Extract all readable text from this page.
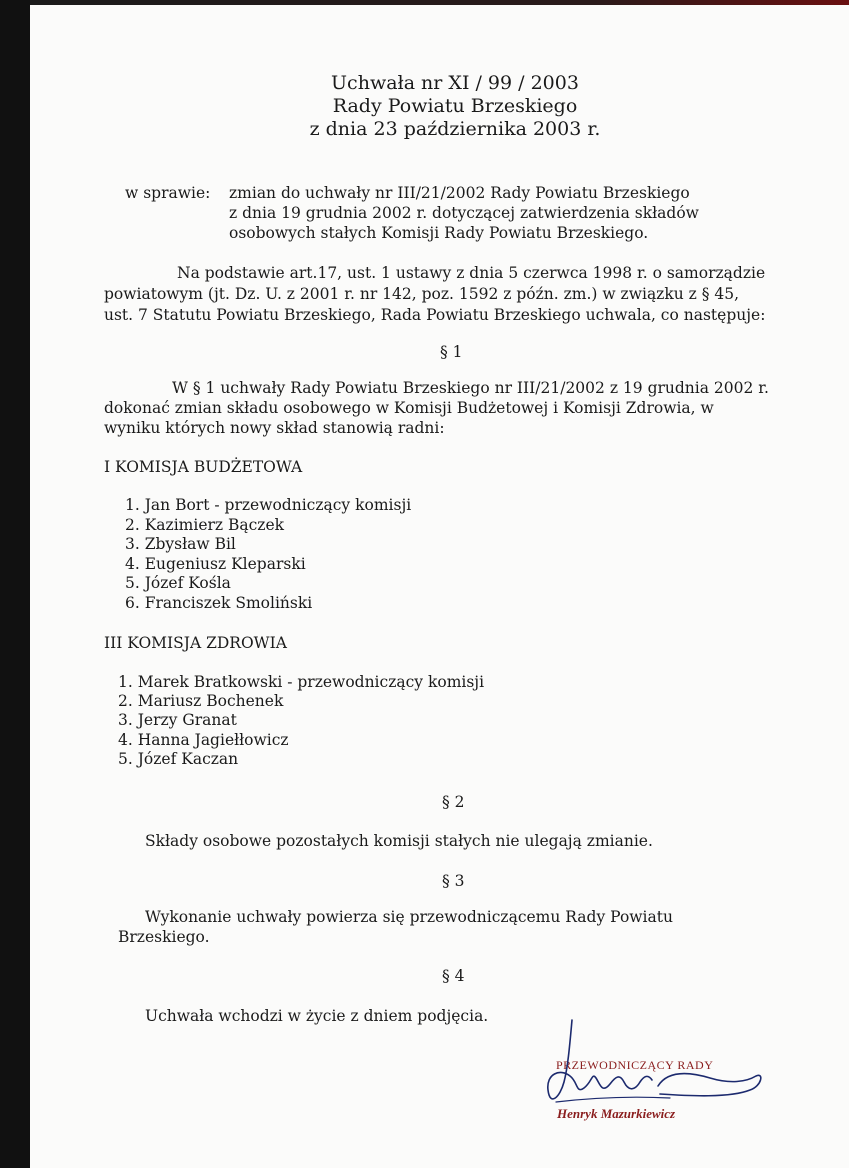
Uchwała nr XI / 99 / 2003
Rady Powiatu Brzeskiego
z dnia 23 października 2003 r.
w sprawie: zmian do uchwały nr III/21/2002 Rady Powiatu Brzeskiego
z dnia 19 grudnia 2002 r. dotyczącej zatwierdzenia składów
osobowych stałych Komisji Rady Powiatu Brzeskiego.
Na podstawie art.17, ust. 1 ustawy z dnia 5 czerwca 1998 r. o samorządzie
powiatowym (jt. Dz. U. z 2001 r. nr 142, poz. 1592 z późn. zm.) w związku z § 45,
ust. 7 Statutu Powiatu Brzeskiego, Rada Powiatu Brzeskiego uchwala, co następuje:
§ 1
W § 1 uchwały Rady Powiatu Brzeskiego nr III/21/2002 z 19 grudnia 2002 r.
dokonać zmian składu osobowego w Komisji Budżetowej i Komisji Zdrowia, w
wyniku których nowy skład stanowią radni:
I KOMISJA BUDŻETOWA
1. Jan Bort - przewodniczący komisji
2. Kazimierz Bączek
3. Zbysław Bil
4. Eugeniusz Kleparski
5. Józef Kośla
6. Franciszek Smoliński
III KOMISJA ZDROWIA
1. Marek Bratkowski - przewodniczący komisji
2. Mariusz Bochenek
3. Jerzy Granat
4. Hanna Jagiełłowicz
5. Józef Kaczan
§ 2
Składy osobowe pozostałych komisji stałych nie ulegają zmianie.
§ 3
Wykonanie uchwały powierza się przewodniczącemu Rady Powiatu
Brzeskiego.
§ 4
Uchwała wchodzi w życie z dniem podjęcia.
PRZEWODNICZĄCY RADY
Henryk Mazurkiewicz
